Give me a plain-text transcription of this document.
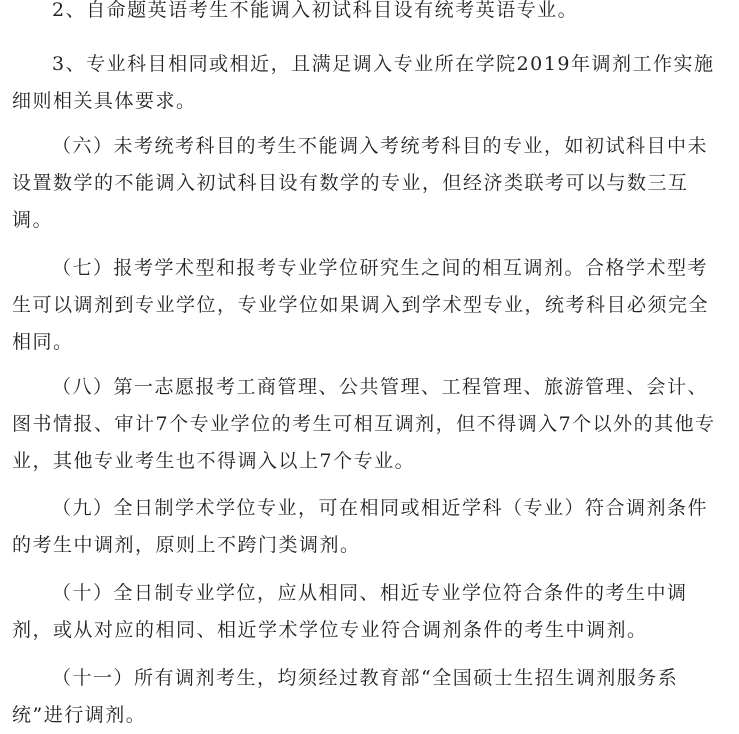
2、自命题英语考生不能调入初试科目设有统考英语专业。

3、专业科目相同或相近，且满足调入专业所在学院2019年调剂工作实施
细则相关具体要求。

（六）未考统考科目的考生不能调入考统考科目的专业，如初试科目中未
设置数学的不能调入初试科目设有数学的专业，但经济类联考可以与数三互
调。

（七）报考学术型和报考专业学位研究生之间的相互调剂。合格学术型考
生可以调剂到专业学位，专业学位如果调入到学术型专业，统考科目必须完全
相同。

（八）第一志愿报考工商管理、公共管理、工程管理、旅游管理、会计、
图书情报、审计7个专业学位的考生可相互调剂，但不得调入7个以外的其他专
业，其他专业考生也不得调入以上7个专业。

（九）全日制学术学位专业，可在相同或相近学科（专业）符合调剂条件
的考生中调剂，原则上不跨门类调剂。

（十）全日制专业学位，应从相同、相近专业学位符合条件的考生中调
剂，或从对应的相同、相近学术学位专业符合调剂条件的考生中调剂。

（十一）所有调剂考生，均须经过教育部“全国硕士生招生调剂服务系
统”进行调剂。
